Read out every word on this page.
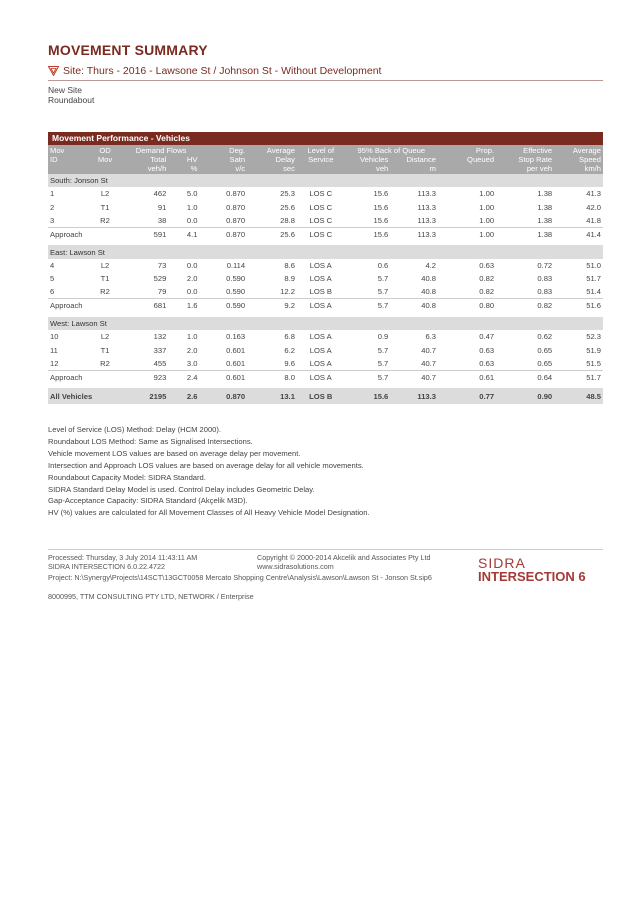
MOVEMENT SUMMARY
Site: Thurs - 2016 - Lawsone St / Johnson St - Without Development
New Site
Roundabout
Movement Performance - Vehicles
Mov	OD	Demand Flows		Deg.	Average	Level of	95% Back of Queue		Prop.	Effective	Average
ID	Mov	Total	HV	Satn	Delay	Service	Vehicles	Distance	Queued	Stop Rate	Speed
		veh/h	%	v/c	sec		veh	m		per veh	km/h
South: Jonson St											
1	L2	462	5.0	0.870	25.3	LOS C	15.6	113.3	1.00	1.38	41.3
2	T1	91	1.0	0.870	25.6	LOS C	15.6	113.3	1.00	1.38	42.0
3	R2	38	0.0	0.870	28.8	LOS C	15.6	113.3	1.00	1.38	41.8
Approach		591	4.1	0.870	25.6	LOS C	15.6	113.3	1.00	1.38	41.4

East: Lawson St											
4	L2	73	0.0	0.114	8.6	LOS A	0.6	4.2	0.63	0.72	51.0
5	T1	529	2.0	0.590	8.9	LOS A	5.7	40.8	0.82	0.83	51.7
6	R2	79	0.0	0.590	12.2	LOS B	5.7	40.8	0.82	0.83	51.4
Approach		681	1.6	0.590	9.2	LOS A	5.7	40.8	0.80	0.82	51.6

West: Lawson St											
10	L2	132	1.0	0.163	6.8	LOS A	0.9	6.3	0.47	0.62	52.3
11	T1	337	2.0	0.601	6.2	LOS A	5.7	40.7	0.63	0.65	51.9
12	R2	455	3.0	0.601	9.6	LOS A	5.7	40.7	0.63	0.65	51.5
Approach		923	2.4	0.601	8.0	LOS A	5.7	40.7	0.61	0.64	51.7

All Vehicles		2195	2.6	0.870	13.1	LOS B	15.6	113.3	0.77	0.90	48.5
Level of Service (LOS) Method: Delay (HCM 2000).
Roundabout LOS Method: Same as Signalised Intersections.
Vehicle movement LOS values are based on average delay per movement.
Intersection and Approach LOS values are based on average delay for all vehicle movements.
Roundabout Capacity Model: SIDRA Standard.
SIDRA Standard Delay Model is used. Control Delay includes Geometric Delay.
Gap-Acceptance Capacity: SIDRA Standard (Akçelik M3D).
HV (%) values are calculated for All Movement Classes of All Heavy Vehicle Model Designation.
Processed: Thursday, 3 July 2014 11:43:11 AM
SIDRA INTERSECTION 6.0.22.4722
Copyright © 2000-2014 Akcelik and Associates Pty Ltd
www.sidrasolutions.com
Project: N:\Synergy\Projects\14SCT\13GCT0058 Mercato Shopping Centre\Analysis\Lawson\Lawson St - Jonson St.sip6
8000995, TTM CONSULTING PTY LTD, NETWORK / Enterprise
SIDRA
INTERSECTION 6
